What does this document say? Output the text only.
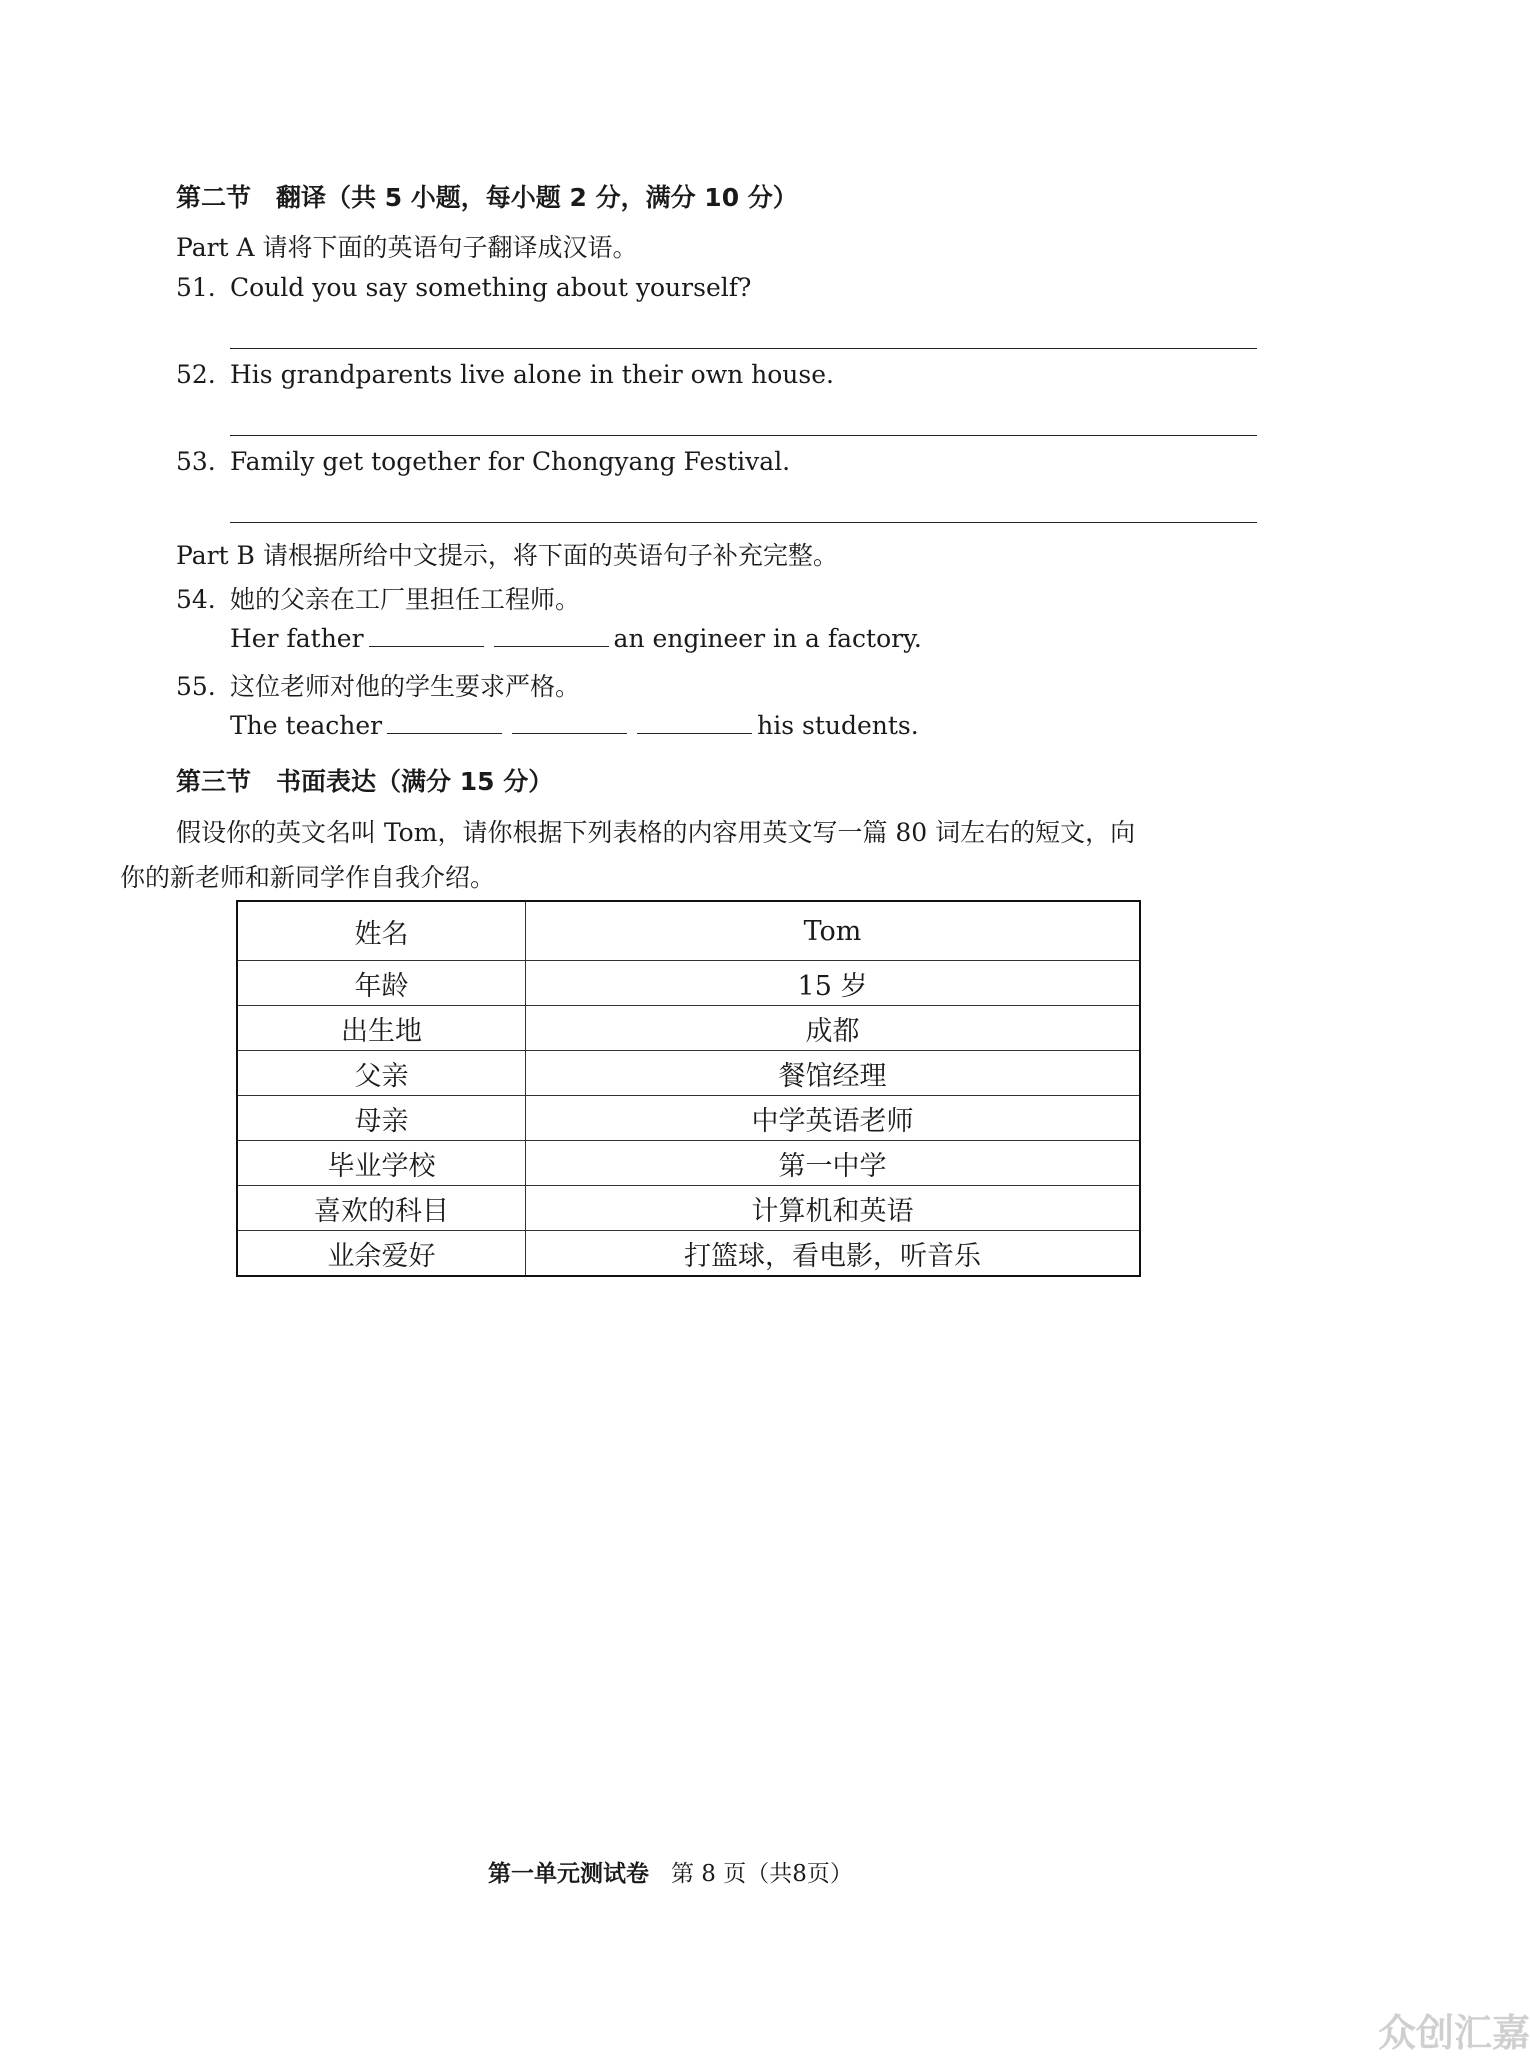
第二节　翻译（共 5 小题，每小题 2 分，满分 10 分）
Part A 请将下面的英语句子翻译成汉语。
51. Could you say something about yourself?
52. His grandparents live alone in their own house.
53. Family get together for Chongyang Festival.
Part B 请根据所给中文提示，将下面的英语句子补充完整。
54. 她的父亲在工厂里担任工程师。
Her father	an engineer in a factory.
55. 这位老师对他的学生要求严格。
The teacher	his students.
第三节　书面表达（满分 15 分）
假设你的英文名叫 Tom，请你根据下列表格的内容用英文写一篇 80 词左右的短文，向
你的新老师和新同学作自我介绍。
姓名	Tom
年龄	15 岁
出生地	成都
父亲	餐馆经理
母亲	中学英语老师
毕业学校	第一中学
喜欢的科目	计算机和英语
业余爱好	打篮球，看电影，听音乐
第一单元测试卷 第 8 页（共8页）
众创汇嘉
